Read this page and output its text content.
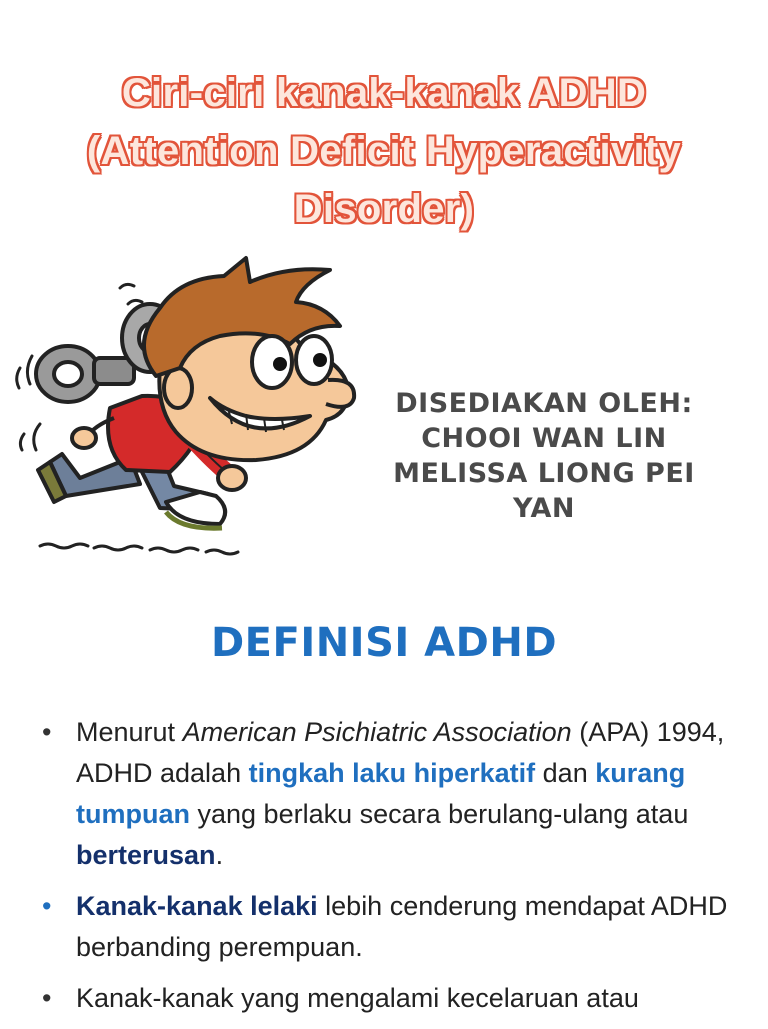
Ciri-ciri kanak-kanak ADHD
(Attention Deficit Hyperactivity
Disorder)
DISEDIAKAN OLEH:
CHOOI WAN LIN
MELISSA LIONG PEI
YAN
DEFINISI ADHD
• Menurut American Psichiatric Association (APA) 1994, ADHD adalah tingkah laku hiperkatif dan kurang tumpuan yang berlaku secara berulang-ulang atau berterusan.
• Kanak-kanak lelaki lebih cenderung mendapat ADHD berbanding perempuan.
• Kanak-kanak yang mengalami kecelaruan atau
